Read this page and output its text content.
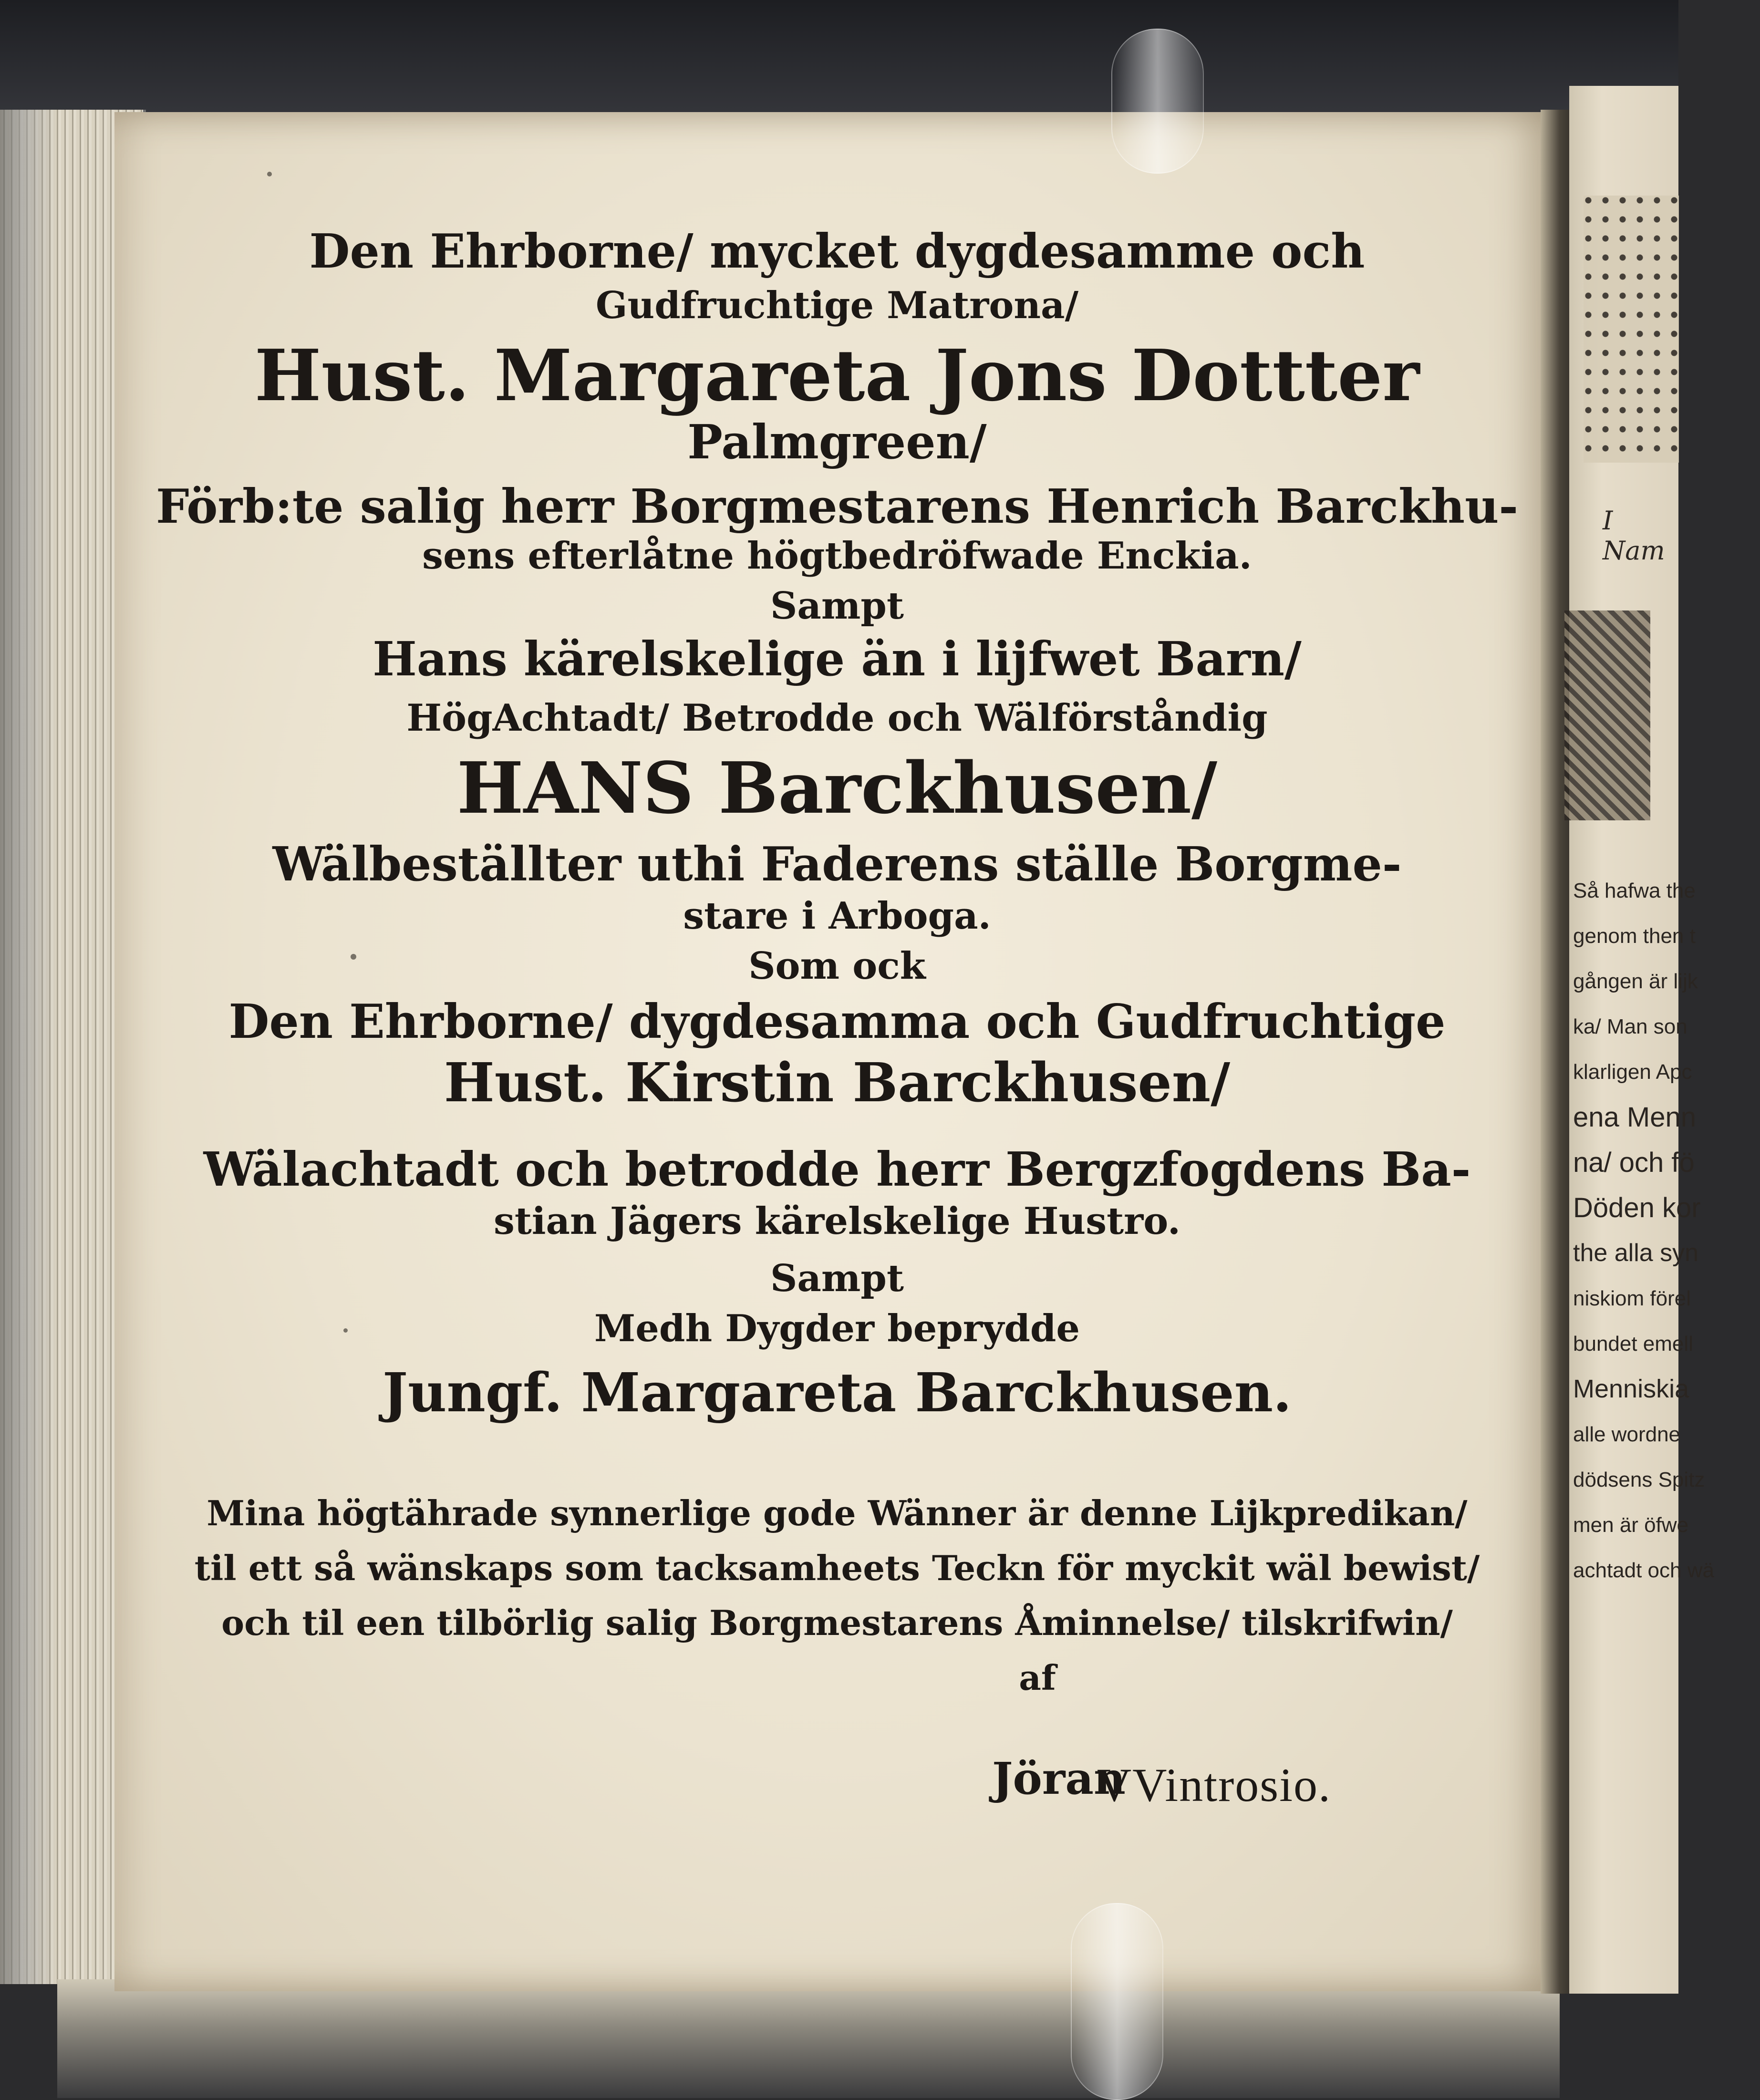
I Nam
Så hafwa the
genom then t
gången är lijk
ka/ Man son
klarligen Apc
ena Menn
na/ och fö
Döden kor
the alla syn
niskiom förel
bundet emell
Menniskia
alle wordne
dödsens Spitz
men är öfwe
achtadt och wä
Den Ehrborne/ mycket dygdesamme och
Gudfruchtige Matrona/
Hust. Margareta Jons Dottter
Palmgreen/
Förb:te salig herr Borgmestarens Henrich Barckhu-
sens efterlåtne högtbedröfwade Enckia.
Sampt
Hans kärelskelige än i lijfwet Barn/
HögAchtadt/ Betrodde och Wälförståndig
HANS Barckhusen/
Wälbeställter uthi Faderens ställe Borgme-
stare i Arboga.
Som ock
Den Ehrborne/ dygdesamma och Gudfruchtige
Hust. Kirstin Barckhusen/
Wälachtadt och betrodde herr Bergzfogdens Ba-
stian Jägers kärelskelige Hustro.
Sampt
Medh Dygder beprydde
Jungf. Margareta Barckhusen.
Mina högtährade synnerlige gode Wänner är denne Lijkpredikan/
til ett så wänskaps som tacksamheets Teckn för myckit wäl bewist/
och til een tilbörlig salig Borgmestarens Åminnelse/ tilskrifwin/
af
Jöran
VVintrosio.
